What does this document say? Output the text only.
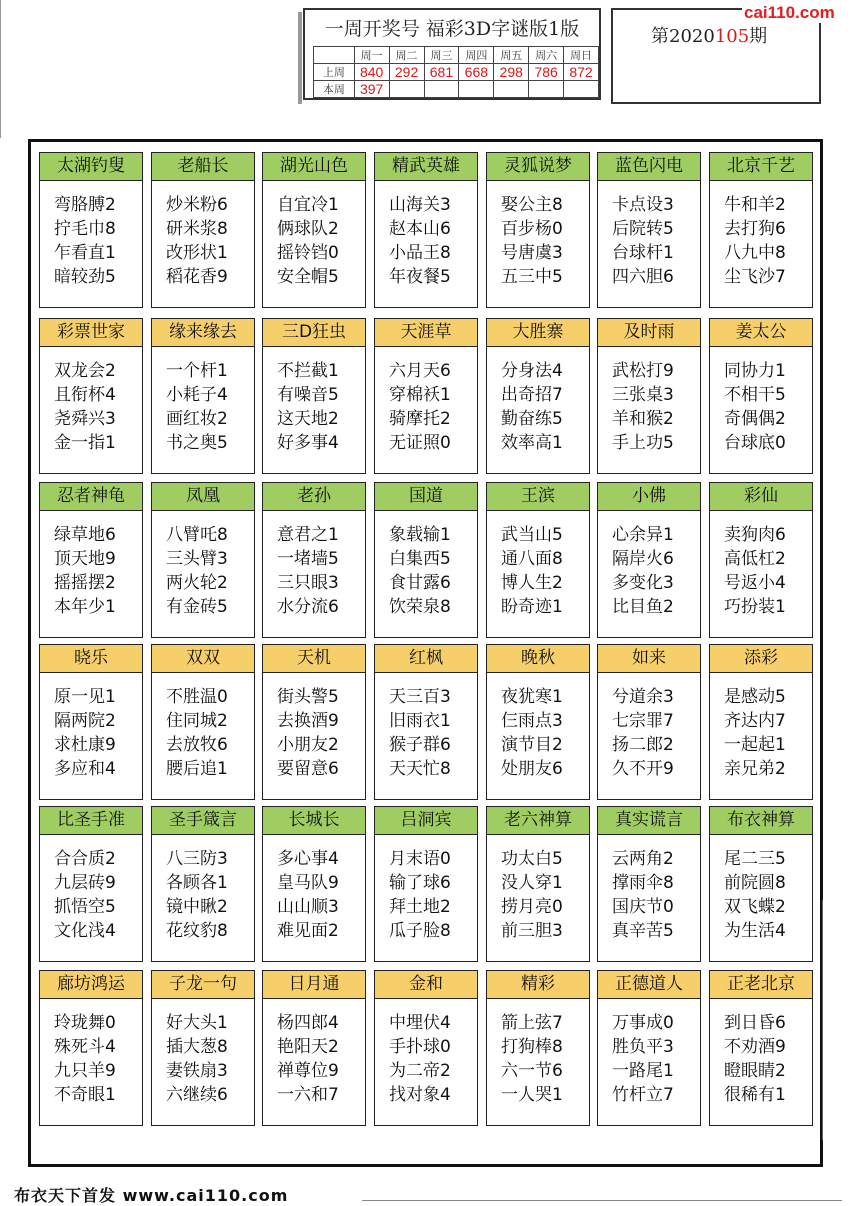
一周开奖号 福彩3D字谜版1版
	周一	周二	周三	周四	周五	周六	周日
上周	840	292	681	668	298	786	872
本周	397						
第2020105期
cai110.com
太湖钓叟
弯胳膊2
拧毛巾8
乍看直1
暗较劲5
老船长
炒米粉6
研米浆8
改形状1
稻花香9
湖光山色
自宜冷1
俩球队2
摇铃铛0
安全帽5
精武英雄
山海关3
赵本山6
小品王8
年夜餐5
灵狐说梦
娶公主8
百步杨0
号唐虞3
五三中5
蓝色闪电
卡点设3
后院转5
台球杆1
四六胆6
北京千艺
牛和羊2
去打狗6
八九中8
尘飞沙7
彩票世家
双龙会2
且衔杯4
尧舜兴3
金一指1
缘来缘去
一个杆1
小耗子4
画红妆2
书之奥5
三D狂虫
不拦截1
有噪音5
这天地2
好多事4
天涯草
六月天6
穿棉袄1
骑摩托2
无证照0
大胜寨
分身法4
出奇招7
勤奋练5
效率高1
及时雨
武松打9
三张桌3
羊和猴2
手上功5
姜太公
同协力1
不相干5
奇偶偶2
台球底0
忍者神龟
绿草地6
顶天地9
摇摇摆2
本年少1
凤凰
八臂吒8
三头臂3
两火轮2
有金砖5
老孙
意君之1
一堵墙5
三只眼3
水分流6
国道
象载输1
白集西5
食甘露6
饮荣泉8
王滨
武当山5
通八面8
博人生2
盼奇迹1
小佛
心余异1
隔岸火6
多变化3
比目鱼2
彩仙
卖狗肉6
高低杠2
号返小4
巧扮装1
晓乐
原一见1
隔两院2
求杜康9
多应和4
双双
不胜温0
住同城2
去放牧6
腰后追1
天机
街头警5
去换酒9
小朋友2
要留意6
红枫
天三百3
旧雨衣1
猴子群6
天天忙8
晚秋
夜犹寒1
仨雨点3
演节目2
处朋友6
如来
兮道余3
七宗罪7
扬二郎2
久不开9
添彩
是感动5
齐达内7
一起起1
亲兄弟2
比圣手准
合合质2
九层砖9
抓悟空5
文化浅4
圣手箴言
八三防3
各顾各1
镜中瞅2
花纹豹8
长城长
多心事4
皇马队9
山山顺3
难见面2
吕洞宾
月末语0
输了球6
拜土地2
瓜子脸8
老六神算
功太白5
没人穿1
捞月亮0
前三胆3
真实谎言
云两角2
撑雨伞8
国庆节0
真辛苦5
布衣神算
尾二三5
前院圆8
双飞蝶2
为生活4
廊坊鸿运
玲珑舞0
殊死斗4
九只羊9
不奇眼1
子龙一句
好大头1
插大葱8
妻铁扇3
六继续6
日月通
杨四郎4
艳阳天2
禅尊位9
一六和7
金和
中埋伏4
手扑球0
为二帝2
找对象4
精彩
箭上弦7
打狗棒8
六一节6
一人哭1
正德道人
万事成0
胜负平3
一路尾1
竹杆立7
正老北京
到日昏6
不劝酒9
瞪眼睛2
很稀有1
布衣天下首发 www.cai110.com
